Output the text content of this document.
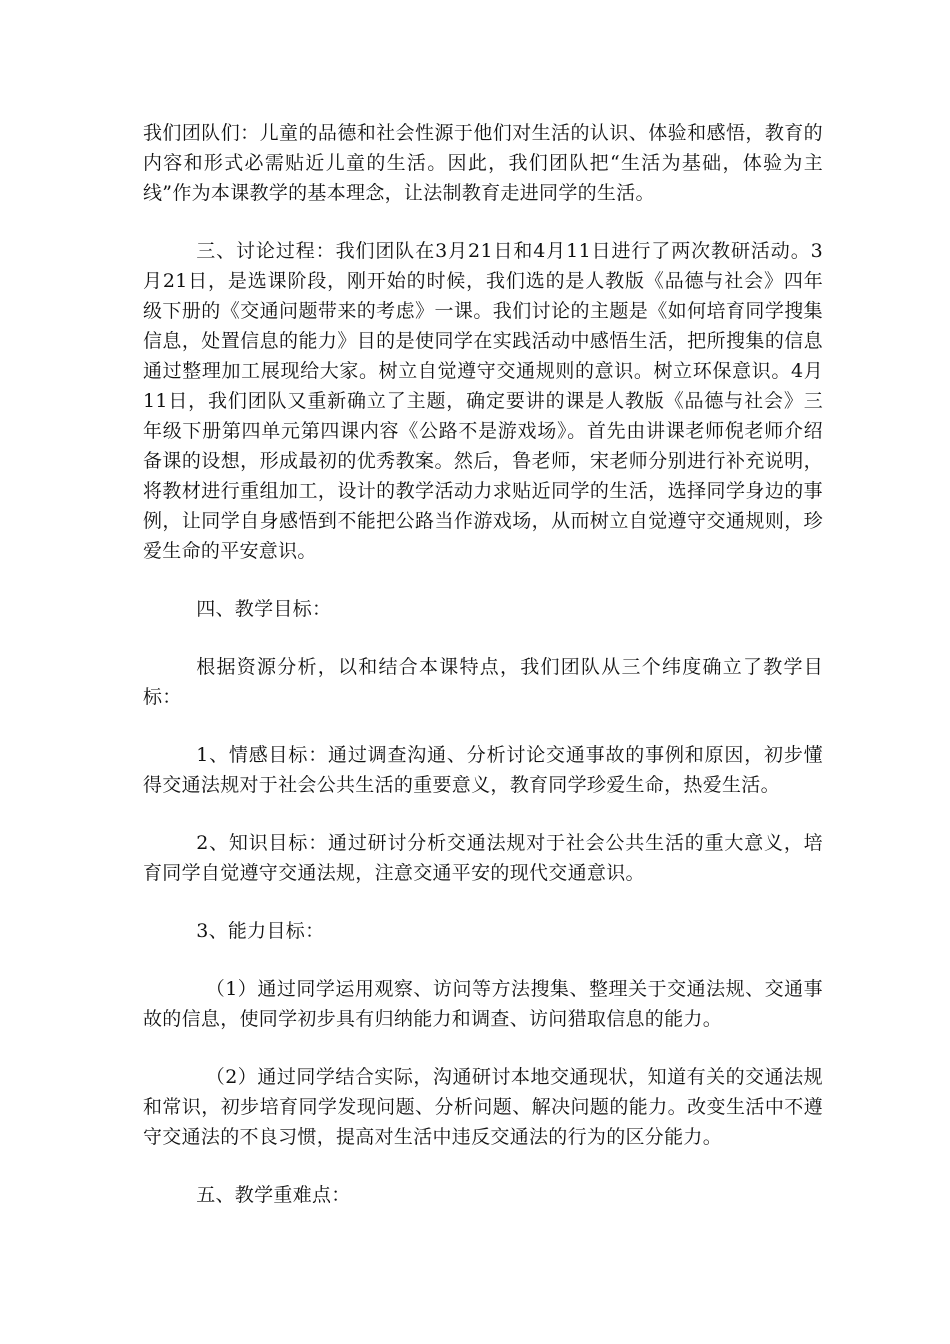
我们团队们：儿童的品德和社会性源于他们对生活的认识、体验和感悟，教育的内容和形式必需贴近儿童的生活。因此，我们团队把“生活为基础，体验为主线”作为本课教学的基本理念，让法制教育走进同学的生活。

三、讨论过程：我们团队在3月21日和4月11日进行了两次教研活动。3月21日，是选课阶段，刚开始的时候，我们选的是人教版《品德与社会》四年级下册的《交通问题带来的考虑》一课。我们讨论的主题是《如何培育同学搜集信息，处置信息的能力》目的是使同学在实践活动中感悟生活，把所搜集的信息通过整理加工展现给大家。树立自觉遵守交通规则的意识。树立环保意识。4月11日，我们团队又重新确立了主题，确定要讲的课是人教版《品德与社会》三年级下册第四单元第四课内容《公路不是游戏场》。首先由讲课老师倪老师介绍备课的设想，形成最初的优秀教案。然后，鲁老师，宋老师分别进行补充说明，将教材进行重组加工，设计的教学活动力求贴近同学的生活，选择同学身边的事例，让同学自身感悟到不能把公路当作游戏场，从而树立自觉遵守交通规则，珍爱生命的平安意识。

四、教学目标：

根据资源分析，以和结合本课特点，我们团队从三个纬度确立了教学目标：

1、情感目标：通过调查沟通、分析讨论交通事故的事例和原因，初步懂得交通法规对于社会公共生活的重要意义，教育同学珍爱生命，热爱生活。

2、知识目标：通过研讨分析交通法规对于社会公共生活的重大意义，培育同学自觉遵守交通法规，注意交通平安的现代交通意识。

3、能力目标：

（1）通过同学运用观察、访问等方法搜集、整理关于交通法规、交通事故的信息，使同学初步具有归纳能力和调查、访问猎取信息的能力。

（2）通过同学结合实际，沟通研讨本地交通现状，知道有关的交通法规和常识，初步培育同学发现问题、分析问题、解决问题的能力。改变生活中不遵守交通法的不良习惯，提高对生活中违反交通法的行为的区分能力。

五、教学重难点：
